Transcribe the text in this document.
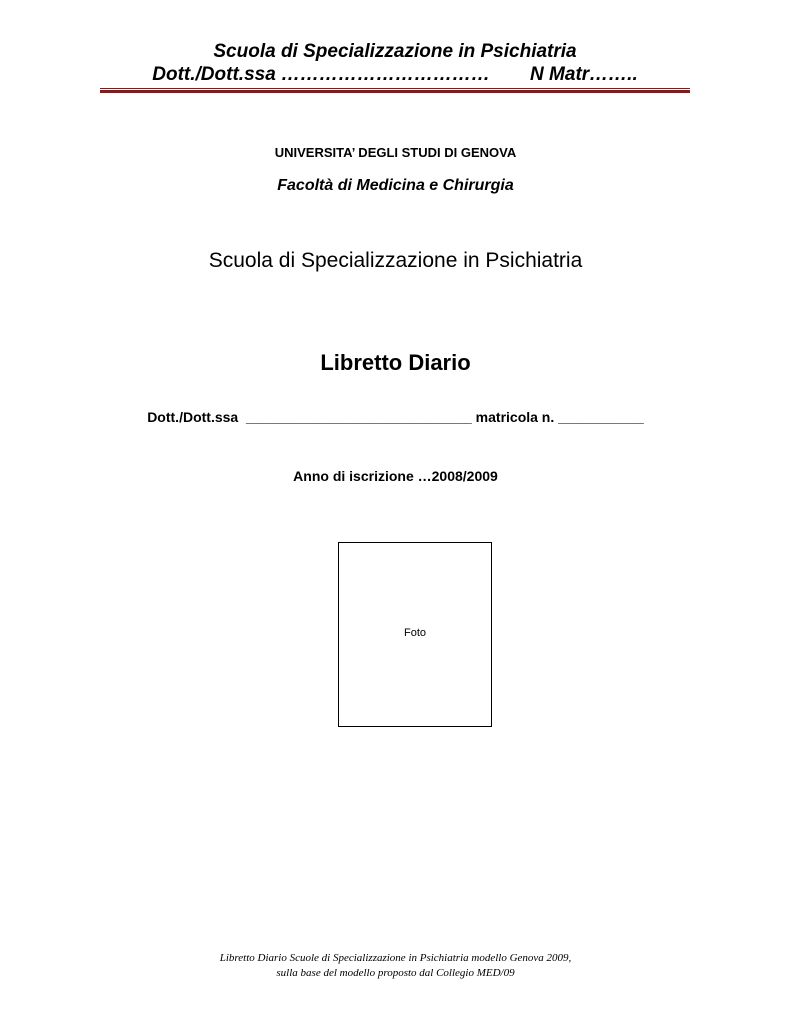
Scuola di Specializzazione in Psichiatria
Dott./Dott.ssa …………………………… N Matr……..
UNIVERSITA’ DEGLI STUDI DI GENOVA
Facoltà di Medicina e Chirurgia
Scuola di Specializzazione in Psichiatria
Libretto Diario
Dott./Dott.ssa _____________________________ matricola n. ___________
Anno di iscrizione …2008/2009
Foto
Libretto Diario Scuole di Specializzazione in Psichiatria modello Genova 2009,
sulla base del modello proposto dal Collegio MED/09
